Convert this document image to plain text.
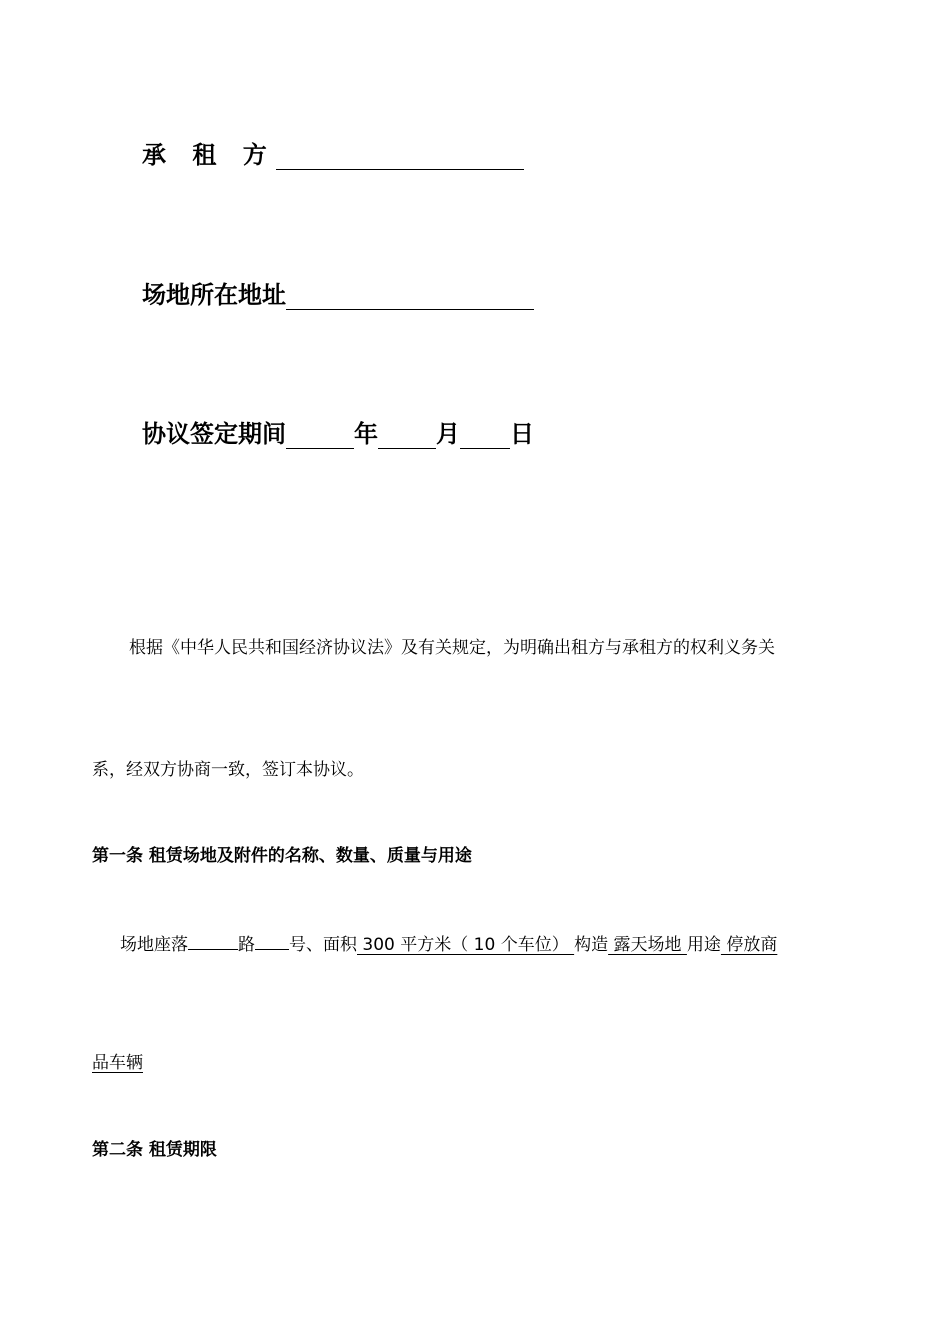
承 租 方
场地所在地址
协议签定期间	年 月 日
根据《中华人民共和国经济协议法》及有关规定，为明确出租方与承租方的权利义务关
系，经双方协商一致，签订本协议。
第一条 租赁场地及附件的名称、数量、质量与用途
场地座落	路 号、面积 300 平方米（ 10 个车位） 构造 露天场地 用途 停放商
品车辆
第二条 租赁期限
